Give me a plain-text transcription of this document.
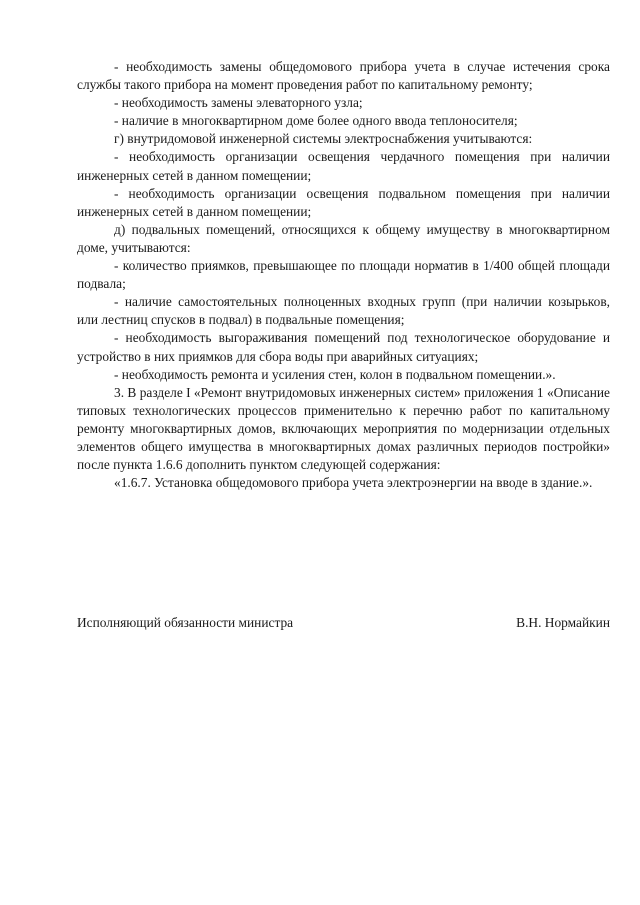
- необходимость замены общедомового прибора учета в случае истечения срока службы такого прибора на момент проведения работ по капитальному ремонту;

- необходимость замены элеваторного узла;

- наличие в многоквартирном доме более одного ввода теплоносителя;

г) внутридомовой инженерной системы электроснабжения учитываются:

- необходимость организации освещения чердачного помещения при наличии инженерных сетей в данном помещении;

- необходимость организации освещения подвальном помещения при наличии инженерных сетей в данном помещении;

д) подвальных помещений, относящихся к общему имуществу в многоквартирном доме, учитываются:

- количество приямков, превышающее по площади норматив в 1/400 общей площади подвала;

- наличие самостоятельных полноценных входных групп (при наличии козырьков, или лестниц спусков в подвал) в подвальные помещения;

- необходимость выгораживания помещений под технологическое оборудование и устройство в них приямков для сбора воды при аварийных ситуациях;

- необходимость ремонта и усиления стен, колон в подвальном помещении.».

3. В разделе I «Ремонт внутридомовых инженерных систем» приложения 1 «Описание типовых технологических процессов применительно к перечню работ по капитальному ремонту многоквартирных домов, включающих мероприятия по модернизации отдельных элементов общего имущества в многоквартирных домах различных периодов постройки» после пункта 1.6.6 дополнить пунктом следующей содержания:

«1.6.7. Установка общедомового прибора учета электроэнергии на вводе в здание.».

Исполняющий обязанности министра	В.Н. Нормайкин
